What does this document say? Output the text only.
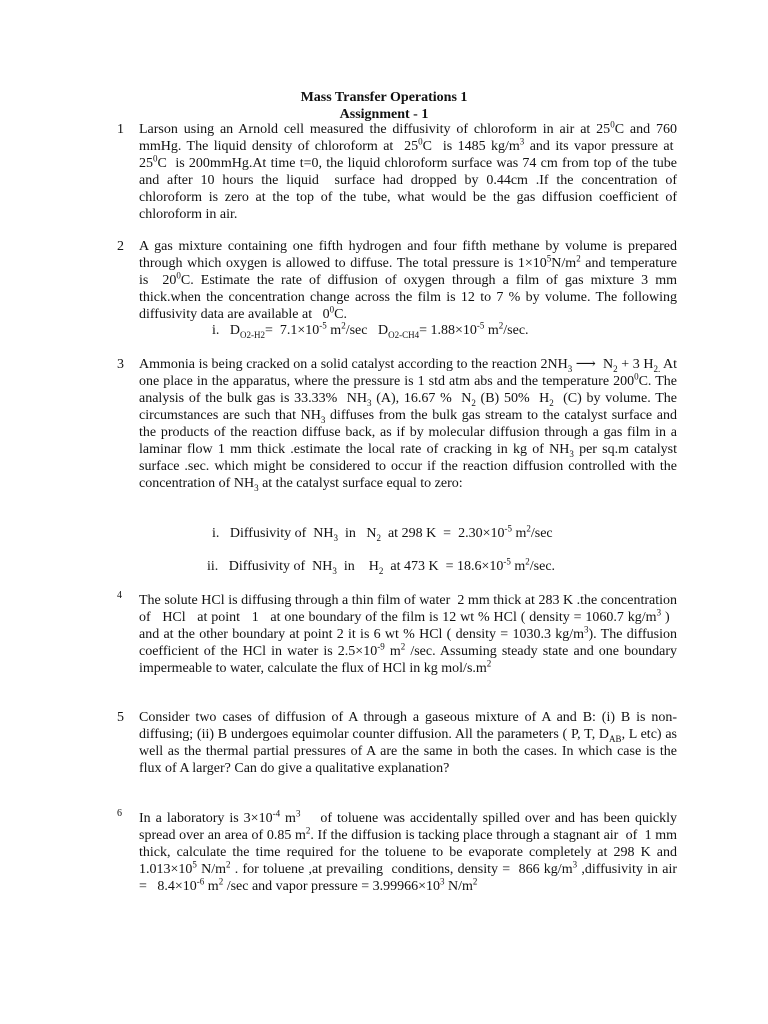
Mass Transfer Operations 1
Assignment - 1
1	Larson using an Arnold cell measured the diffusivity of chloroform in air at $25^0C$ and 760 mmHg. The liquid density of chloroform at  $25^0C$  is 1485 $kg/m^3$ and its vapor pressure at  $25^0C$  is 200mmHg.At time t=0, the liquid chloroform surface was 74 cm from top of the tube and after 10 hours the liquid  surface had dropped by 0.44cm .If the concentration of chloroform is zero at the top of the tube, what would be the gas diffusion coefficient of chloroform in air.
2	A gas mixture containing one fifth hydrogen and four fifth methane by volume is prepared through which oxygen is allowed to diffuse. The total pressure is $1\times 10^5N/m^2$ and temperature is  $20^0C$. Estimate the rate of diffusion of oxygen through a film of gas mixture 3 mm thick.when the concentration change across the film is 12 to 7 % by volume. The following diffusivity data are available at   $0^0C$.
i.   $D_{O2-H2}= 7.1\times 10^{-5}$ $m^2/\sec$   $D_{O2-CH4}= 1.88\times 10^{-5}$ $m^2/\sec$.
3	Ammonia is being cracked on a solid catalyst according to the reaction $2NH_3$ ⟶  $N_2 + 3$ $H_{2.}$ At one place in the apparatus, where the pressure is 1 std atm abs and the temperature $200^0C$. The analysis of the bulk gas is 33.33%  $NH_3$ (A), 16.67 %  $N_2$ (B) 50%  $H_2$  (C) by volume. The circumstances are such that $NH_3$ diffuses from the bulk gas stream to the catalyst surface and the products of the reaction diffuse back, as if by molecular diffusion through a gas film in a laminar flow 1 mm thick .estimate the local rate of cracking in kg of $NH_3$ per sq.m catalyst surface .sec. which might be considered to occur if the reaction diffusion controlled with the concentration of $NH_3$ at the catalyst surface equal to zero:
i.   Diffusivity of  $NH_3$  in   $N_2$  at 298 $K = 2.30\times 10^{-5}$ $m^2/\sec$
ii.   Diffusivity of  $NH_3$  in    $H_2$  at 473 $K = 18.6\times 10^{-5}$ $m^2/\sec$.
4	The solute HCl is diffusing through a thin film of water  2 mm thick at 283 K .the concentration of   HCl   at point   1   at one boundary of the film is 12 wt % HCl ( density = 1060.7 $kg/m^3$ )   and at the other boundary at point 2 it is 6 wt % HCl ( density = 1030.3 $kg/m^3$). The diffusion coefficient of the HCl in water is $2.5\times 10^{-9}$ $m^2$ /sec. Assuming steady state and one boundary impermeable to water, calculate the flux of HCl in kg mol/$s.m^2$
5	Consider two cases of diffusion of A through a gaseous mixture of A and B: (i) B is non-diffusing; (ii) B undergoes equimolar counter diffusion. All the parameters ( P, T, $D_{AB}$, L etc) as well as the thermal partial pressures of A are the same in both the cases. In which case is the flux of A larger? Can do give a qualitative explanation?
6	In a laboratory is $3\times 10^{-4}$ $m^3$    of toluene was accidentally spilled over and has been quickly spread over an area of 0.85 $m^2$. If the diffusion is tacking place through a stagnant air  of  1 mm thick, calculate the time required for the toluene to be evaporate completely at 298 K and $1.013\times 10^5$ $N/m^2$ . for toluene ,at prevailing  conditions, density =  866 $kg/m^3$ ,diffusivity in air =   $8.4\times 10^{-6}$ $m^2$ /sec and vapor pressure = $3.99966\times 10^3$ $N/m^2$
